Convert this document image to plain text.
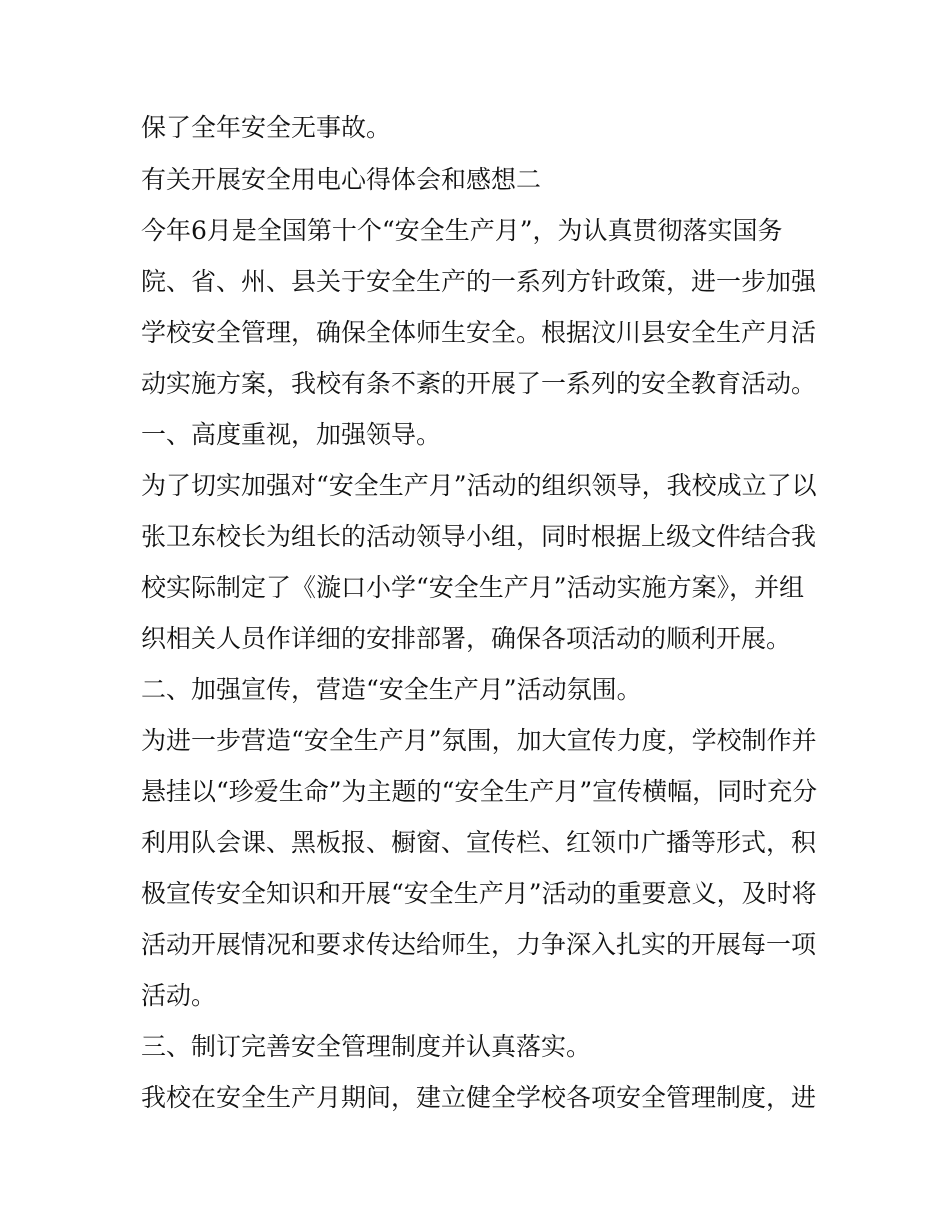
保了全年安全无事故。
有关开展安全用电心得体会和感想二
今年6月是全国第十个“安全生产月”，为认真贯彻落实国务
院、省、州、县关于安全生产的一系列方针政策，进一步加强
学校安全管理，确保全体师生安全。根据汶川县安全生产月活
动实施方案，我校有条不紊的开展了一系列的安全教育活动。
一、高度重视，加强领导。
为了切实加强对“安全生产月”活动的组织领导，我校成立了以
张卫东校长为组长的活动领导小组，同时根据上级文件结合我
校实际制定了《漩口小学“安全生产月”活动实施方案》，并组
织相关人员作详细的安排部署，确保各项活动的顺利开展。
二、加强宣传，营造“安全生产月”活动氛围。
为进一步营造“安全生产月”氛围，加大宣传力度，学校制作并
悬挂以“珍爱生命”为主题的“安全生产月”宣传横幅，同时充分
利用队会课、黑板报、橱窗、宣传栏、红领巾广播等形式，积
极宣传安全知识和开展“安全生产月”活动的重要意义，及时将
活动开展情况和要求传达给师生，力争深入扎实的开展每一项
活动。
三、制订完善安全管理制度并认真落实。
我校在安全生产月期间，建立健全学校各项安全管理制度，进
